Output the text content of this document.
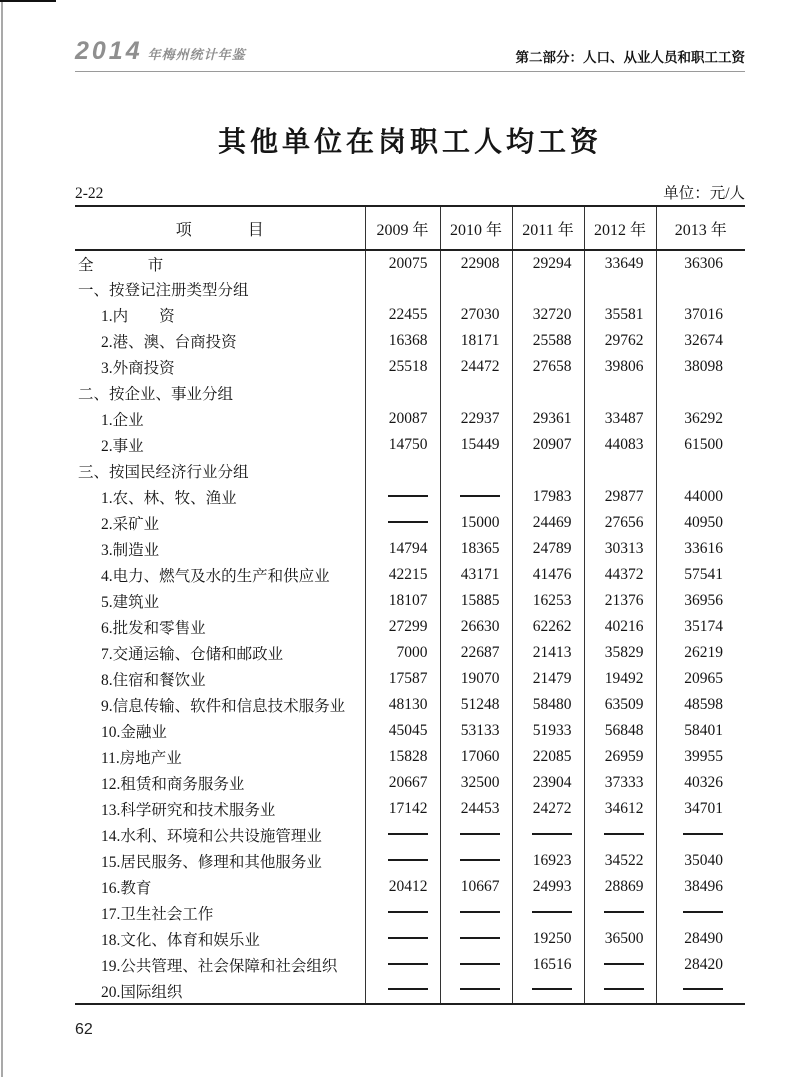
2014 年梅州统计年鉴	第二部分：人口、从业人员和职工工资
其他单位在岗职工人均工资
2-22	单位：元/人
项              目	2009 年	2010 年	2011 年	2012 年	2013 年
全              市	20075	22908	29294	33649	36306
一、按登记注册类型分组					
1.内        资	22455	27030	32720	35581	37016
2.港、澳、台商投资	16368	18171	25588	29762	32674
3.外商投资	25518	24472	27658	39806	38098
二、按企业、事业分组					
1.企业	20087	22937	29361	33487	36292
2.事业	14750	15449	20907	44083	61500
三、按国民经济行业分组					
1.农、林、牧、渔业			17983	29877	44000
2.采矿业		15000	24469	27656	40950
3.制造业	14794	18365	24789	30313	33616
4.电力、燃气及水的生产和供应业	42215	43171	41476	44372	57541
5.建筑业	18107	15885	16253	21376	36956
6.批发和零售业	27299	26630	62262	40216	35174
7.交通运输、仓储和邮政业	7000	22687	21413	35829	26219
8.住宿和餐饮业	17587	19070	21479	19492	20965
9.信息传输、软件和信息技术服务业	48130	51248	58480	63509	48598
10.金融业	45045	53133	51933	56848	58401
11.房地产业	15828	17060	22085	26959	39955
12.租赁和商务服务业	20667	32500	23904	37333	40326
13.科学研究和技术服务业	17142	24453	24272	34612	34701
14.水利、环境和公共设施管理业					
15.居民服务、修理和其他服务业			16923	34522	35040
16.教育	20412	10667	24993	28869	38496
17.卫生社会工作					
18.文化、体育和娱乐业			19250	36500	28490
19.公共管理、社会保障和社会组织			16516		28420
20.国际组织					
62
